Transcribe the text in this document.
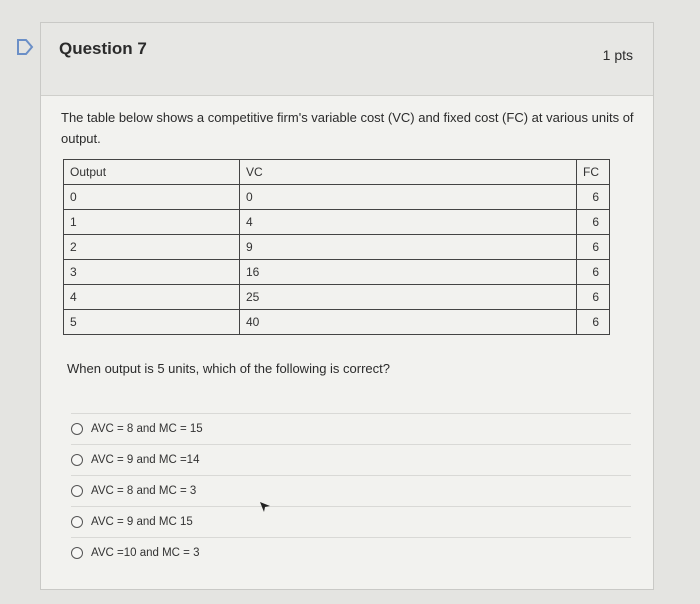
Question 7	1 pts
The table below shows a competitive firm's variable cost (VC) and fixed cost (FC) at various units of output.
Output	VC	FC
0	0	6
1	4	6
2	9	6
3	16	6
4	25	6
5	40	6
When output is 5 units, which of the following is correct?
AVC = 8 and MC = 15
AVC = 9 and MC =14
AVC = 8 and MC = 3
AVC = 9 and MC 15
AVC =10 and MC = 3
